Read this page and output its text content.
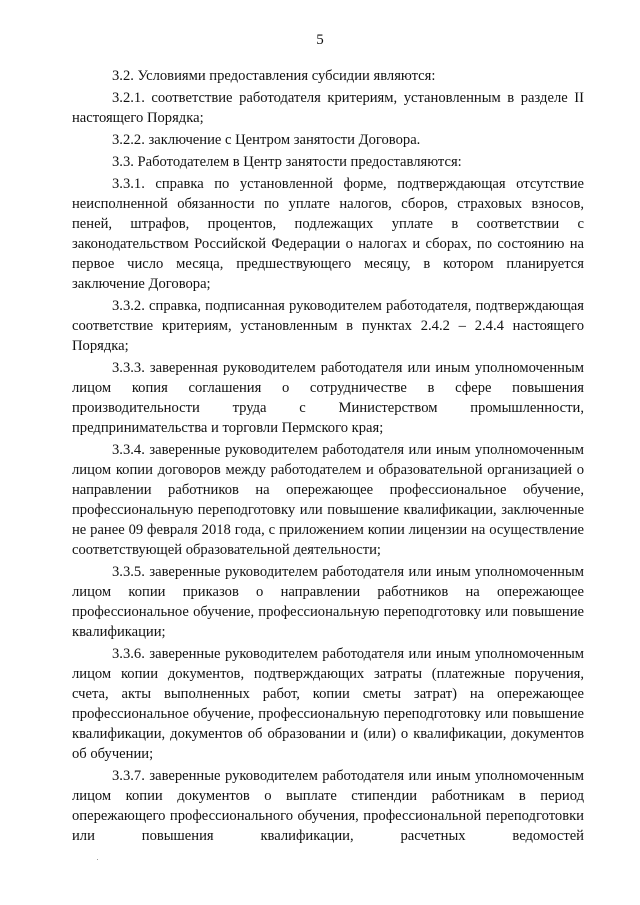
5

3.2. Условиями предоставления субсидии являются:

3.2.1. соответствие работодателя критериям, установленным в разделе II настоящего Порядка;

3.2.2. заключение с Центром занятости Договора.

3.3. Работодателем в Центр занятости предоставляются:

3.3.1. справка по установленной форме, подтверждающая отсутствие неисполненной обязанности по уплате налогов, сборов, страховых взносов, пеней, штрафов, процентов, подлежащих уплате в соответствии с законодательством Российской Федерации о налогах и сборах, по состоянию на первое число месяца, предшествующего месяцу, в котором планируется заключение Договора;

3.3.2. справка, подписанная руководителем работодателя, подтверждающая соответствие критериям, установленным в пунктах 2.4.2 – 2.4.4 настоящего Порядка;

3.3.3. заверенная руководителем работодателя или иным уполномоченным лицом копия соглашения о сотрудничестве в сфере повышения производительности труда с Министерством промышленности, предпринимательства и торговли Пермского края;

3.3.4. заверенные руководителем работодателя или иным уполномоченным лицом копии договоров между работодателем и образовательной организацией о направлении работников на опережающее профессиональное обучение, профессиональную переподготовку или повышение квалификации, заключенные не ранее 09 февраля 2018 года, с приложением копии лицензии на осуществление соответствующей образовательной деятельности;

3.3.5. заверенные руководителем работодателя или иным уполномоченным лицом копии приказов о направлении работников на опережающее профессиональное обучение, профессиональную переподготовку или повышение квалификации;

3.3.6. заверенные руководителем работодателя или иным уполномоченным лицом копии документов, подтверждающих затраты (платежные поручения, счета, акты выполненных работ, копии сметы затрат) на опережающее профессиональное обучение, профессиональную переподготовку или повышение квалификации, документов об образовании и (или) о квалификации, документов об обучении;

3.3.7. заверенные руководителем работодателя или иным уполномоченным лицом копии документов о выплате стипендии работникам в период опережающего профессионального обучения, профессиональной переподготовки или повышения квалификации, расчетных ведомостей
